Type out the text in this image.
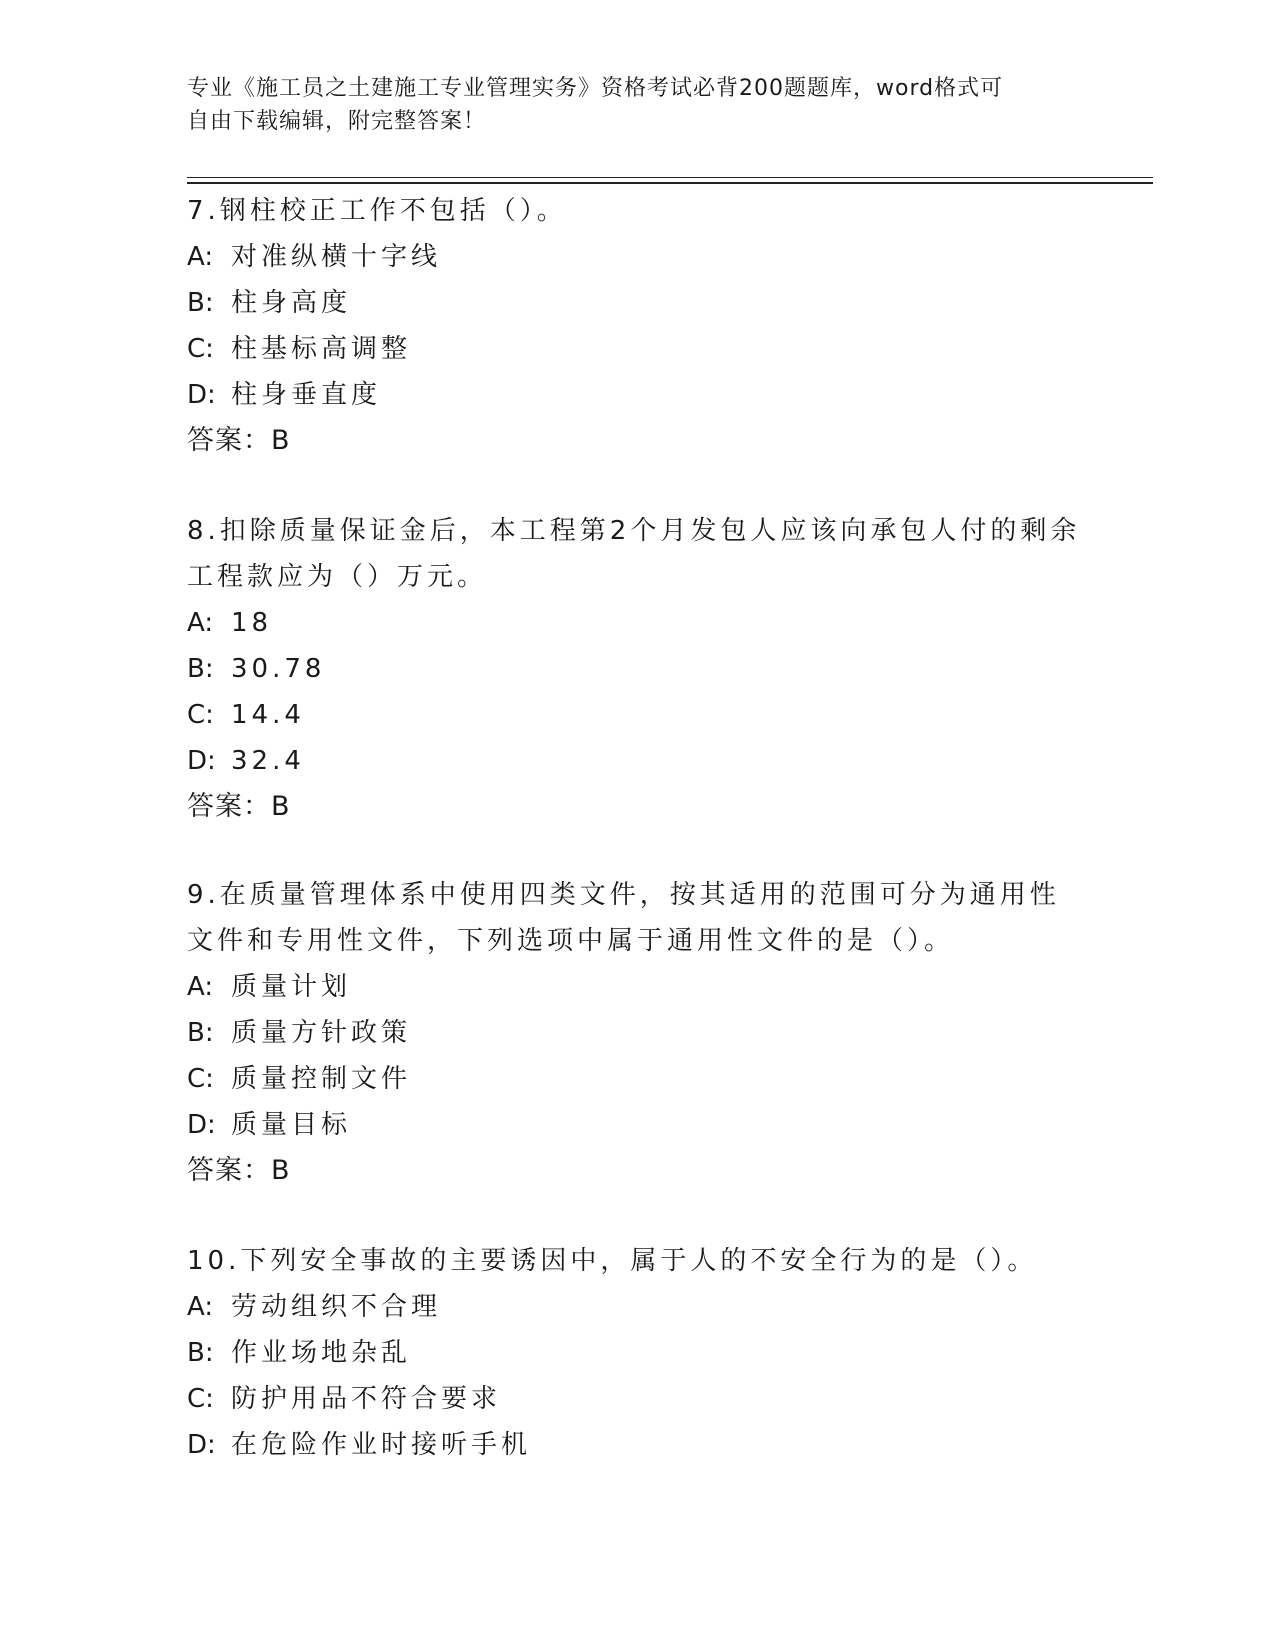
专业《施工员之土建施工专业管理实务》资格考试必背200题题库，word格式可
自由下载编辑，附完整答案！

7.钢柱校正工作不包括（）。

A: 对准纵横十字线

B: 柱身高度

C: 柱基标高调整

D: 柱身垂直度

答案：B

8.扣除质量保证金后，本工程第2个月发包人应该向承包人付的剩余工程款应为（）万元。

A: 18

B: 30.78

C: 14.4

D: 32.4

答案：B

9.在质量管理体系中使用四类文件，按其适用的范围可分为通用性文件和专用性文件，下列选项中属于通用性文件的是（）。

A: 质量计划

B: 质量方针政策

C: 质量控制文件

D: 质量目标

答案：B

10.下列安全事故的主要诱因中，属于人的不安全行为的是（）。

A: 劳动组织不合理

B: 作业场地杂乱

C: 防护用品不符合要求

D: 在危险作业时接听手机
